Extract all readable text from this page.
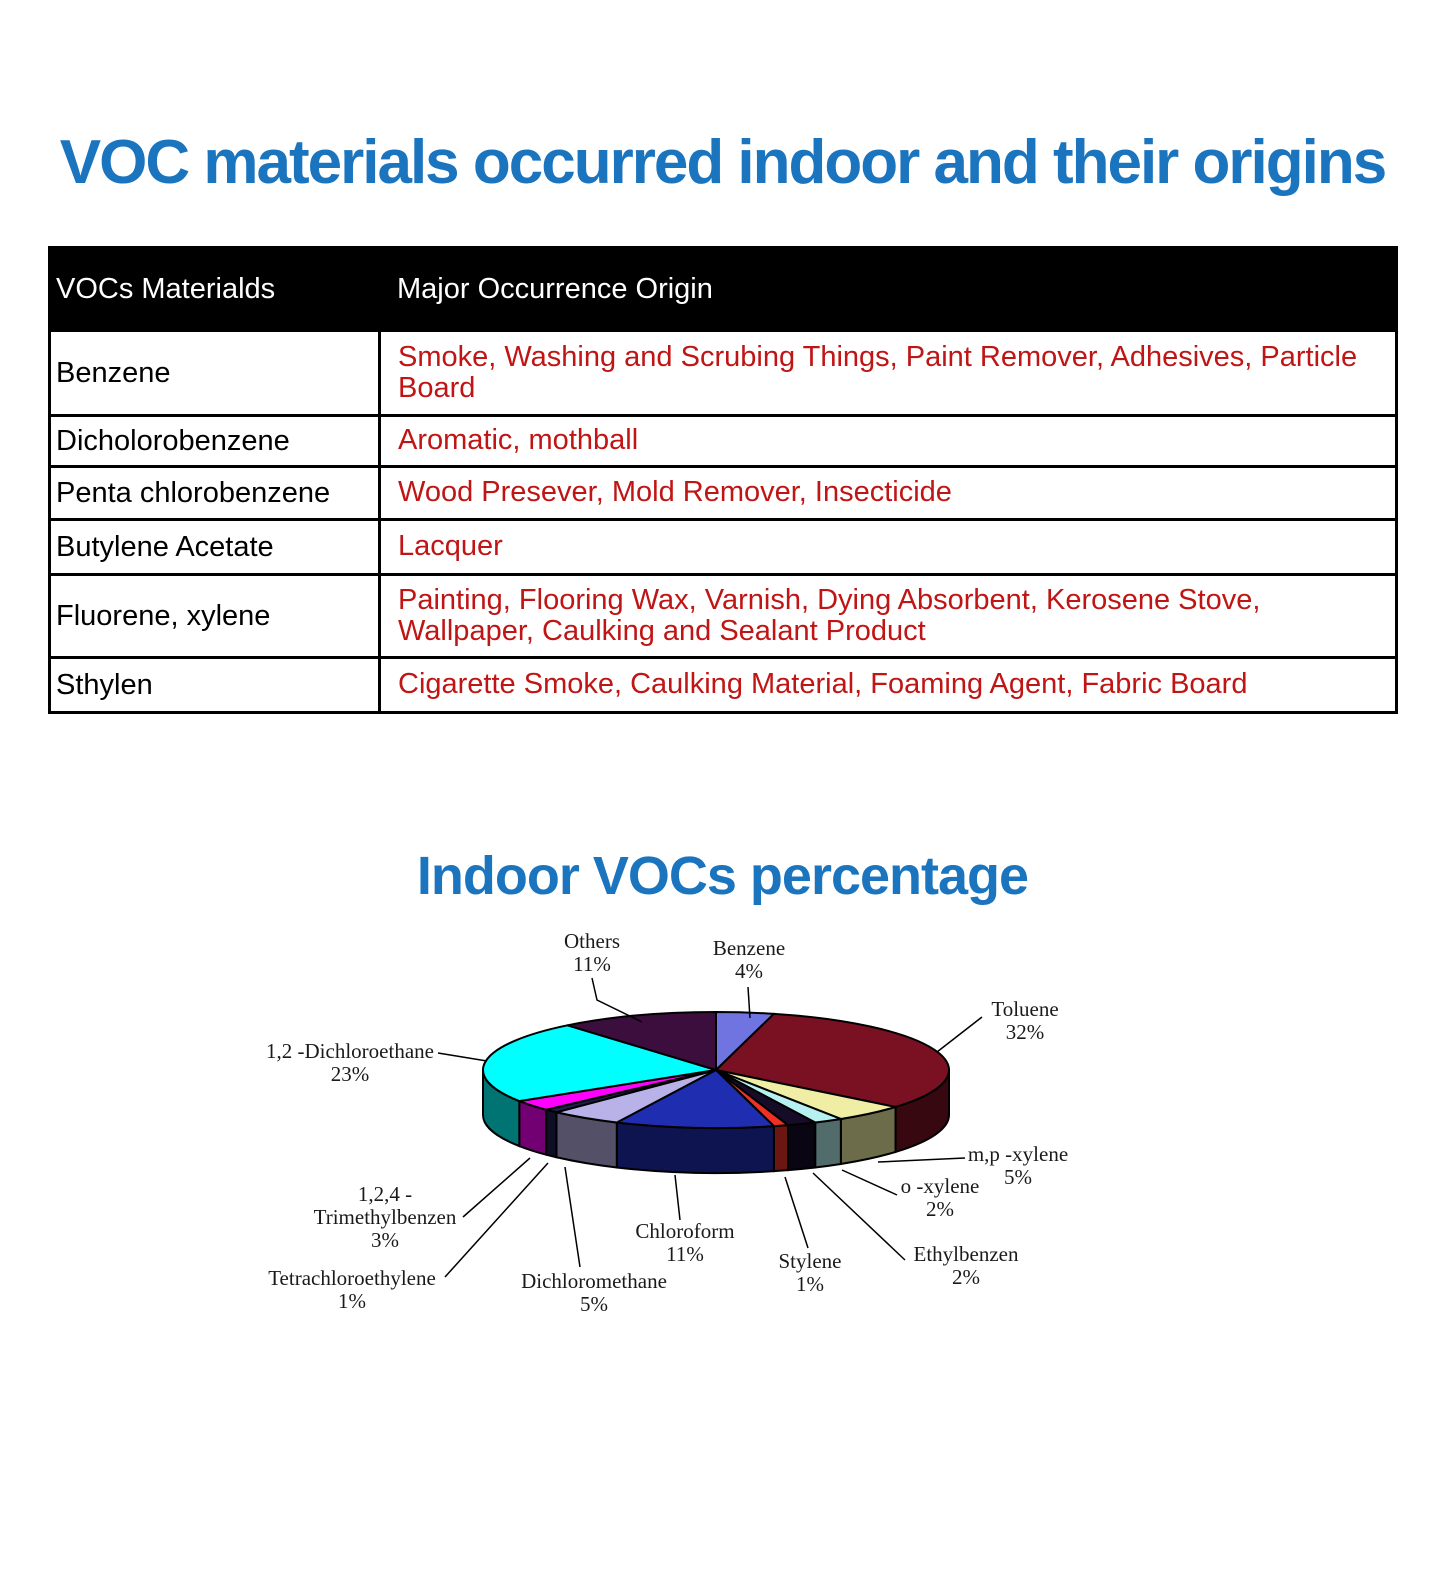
VOC materials occurred indoor and their origins
VOCs Materialds	Major Occurrence Origin
Benzene	Smoke, Washing and Scrubing Things, Paint Remover, Adhesives, Particle Board
Dicholorobenzene	Aromatic, mothball
Penta chlorobenzene	Wood Presever, Mold Remover, Insecticide
Butylene Acetate	Lacquer
Fluorene, xylene	Painting, Flooring Wax, Varnish, Dying Absorbent, Kerosene Stove, Wallpaper, Caulking and Sealant Product
Sthylen	Cigarette Smoke, Caulking Material, Foaming Agent, Fabric Board
Indoor VOCs percentage
Benzene
4%
Toluene
32%
m,p -xylene
5%
o -xylene
2%
Ethylbenzen
2%
Stylene
1%
Chloroform
11%
Dichloromethane
5%
Tetrachloroethylene
1%
1,2,4 -
Trimethylbenzen
3%
1,2 -Dichloroethane
23%
Others
11%
